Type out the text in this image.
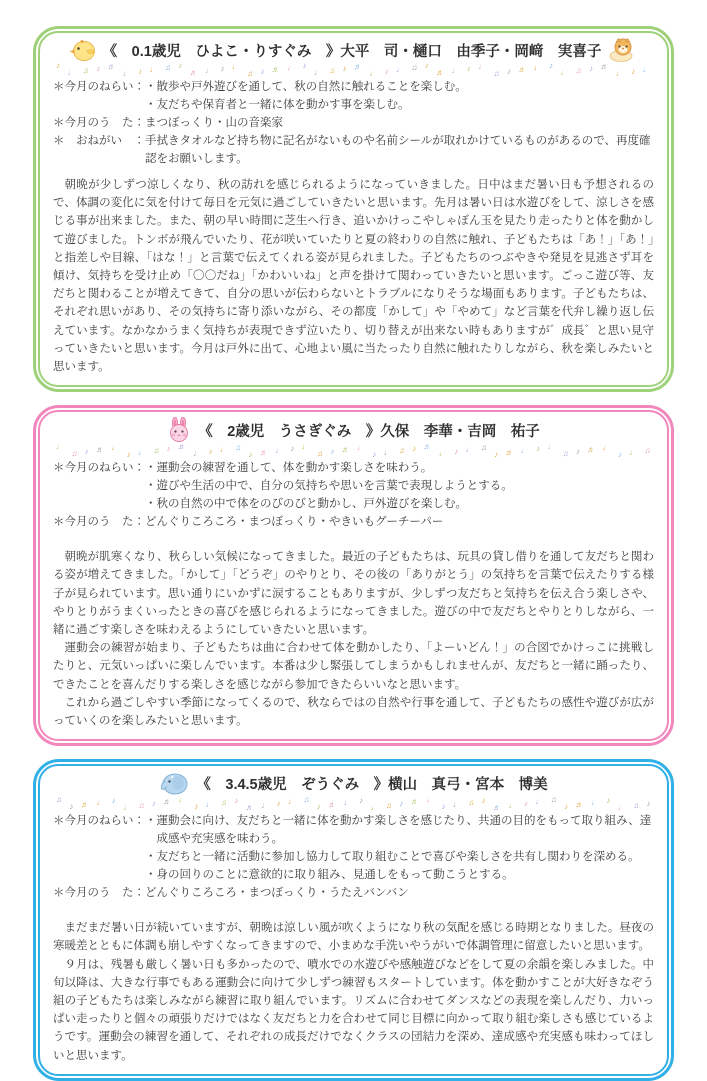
《　0.1歳児　ひよこ・りすぐみ　》大平　司・樋口　由季子・岡﨑　実喜子
♪
♩ ♫ ♪ ♬
♩ ♪ ♩ ♫ ♪
♬ ♩ ♪ ♩
♫ ♪ ♬ ♩ ♪
♩ ♫ ♪ ♬
♩ ♪ ♩ ♫ ♪
♬ ♩ ♪ ♩
♫ ♪ ♬ ♩ ♪
♩ ♫ ♪ ♬
♩ ♪ ♩
＊今月のねらい： ・散歩や戸外遊びを通して、秋の自然に触れることを楽しむ。
・友だちや保育者と一緒に体を動かす事を楽しむ。
＊今月のう　た： まつぼっくり・山の音楽家
＊　おねがい　： 手拭きタオルなど持ち物に記名がないものや名前シールが取れかけているものがあるので、再度確認をお願いします。

朝晩が少しずつ涼しくなり、秋の訪れを感じられるようになっていきました。日中はまだ暑い日も予想されるので、体調の変化に気を付けて毎日を元気に過ごしていきたいと思います。先月は暑い日は水遊びをして、涼しさを感じる事が出来ました。また、朝の早い時間に芝生へ行き、追いかけっこやしゃぼん玉を見たり走ったりと体を動かして遊びました。トンボが飛んでいたり、花が咲いていたりと夏の終わりの自然に触れ、子どもたちは「あ！」「あ！」と指差しや目線、「はな！」と言葉で伝えてくれる姿が見られました。子どもたちのつぶやきや発見を見逃さず耳を傾け、気持ちを受け止め「〇〇だね」「かわいいね」と声を掛けて関わっていきたいと思います。ごっこ遊び等、友だちと関わることが増えてきて、自分の思いが伝わらないとトラブルになりそうな場面もあります。子どもたちは、それぞれ思いがあり、その気持ちに寄り添いながら、その都度「かして」や「やめて」など言葉を代弁し繰り返し伝えています。なかなかうまく気持ちが表現できず泣いたり、切り替えが出来ない時もありますが゛成長゛と思い見守っていきたいと思います。今月は戸外に出て、心地よい風に当たったり自然に触れたりしながら、秋を楽しみたいと思います。

《　2歳児　うさぎぐみ　》久保　李華・吉岡　祐子
♩
♫ ♪ ♬ ♩
♪ ♩ ♫ ♪ ♬
♩ ♪ ♩ ♫
♪ ♬ ♩ ♪ ♩
♫ ♪ ♬ ♩
♪ ♩ ♫ ♪ ♬
♩ ♪ ♩ ♫
♪ ♬ ♩ ♪ ♩
♫ ♪ ♬ ♩
♪ ♩ ♫
＊今月のねらい： ・運動会の練習を通して、体を動かす楽しさを味わう。
・遊びや生活の中で、自分の気持ちや思いを言葉で表現しようとする。
・秋の自然の中で体をのびのびと動かし、戸外遊びを楽しむ。
＊今月のう　た： どんぐりころころ・まつぼっくり・やきいもグーチーパー

朝晩が肌寒くなり、秋らしい気候になってきました。最近の子どもたちは、玩具の貸し借りを通して友だちと関わる姿が増えてきました。「かして」「どうぞ」のやりとり、その後の「ありがとう」の気持ちを言葉で伝えたりする様子が見られています。思い通りにいかずに涙することもありますが、少しずつ友だちと気持ちを伝え合う楽しさや、やりとりがうまくいったときの喜びを感じられるようになってきました。遊びの中で友だちとやりとりしながら、一緒に過ごす楽しさを味わえるようにしていきたいと思います。

運動会の練習が始まり、子どもたちは曲に合わせて体を動かしたり、「よーいどん！」の合図でかけっこに挑戦したりと、元気いっぱいに楽しんでいます。本番は少し緊張してしまうかもしれませんが、友だちと一緒に踊ったり、できたことを喜んだりする楽しさを感じながら参加できたらいいなと思います。

これから過ごしやすい季節になってくるので、秋ならではの自然や行事を通して、子どもたちの感性や遊びが広がっていくのを楽しみたいと思います。

《　3.4.5歳児　ぞうぐみ　》横山　真弓・宮本　博美
♫
♪ ♬ ♩ ♪
♩ ♫ ♪ ♬ ♩
♪ ♩ ♫ ♪
♬ ♩ ♪ ♩ ♫
♪ ♬ ♩ ♪
♩ ♫ ♪ ♬ ♩
♪ ♩ ♫ ♪
♬ ♩ ♪ ♩ ♫
♪ ♬ ♩ ♪
♩ ♫ ♪
＊今月のねらい： ・運動会に向け、友だちと一緒に体を動かす楽しさを感じたり、共通の目的をもって取り組み、達成感や充実感を味わう。
・友だちと一緒に活動に参加し協力して取り組むことで喜びや楽しさを共有し関わりを深める。
・身の回りのことに意欲的に取り組み、見通しをもって動こうとする。
＊今月のう　た： どんぐりころころ・まつぼっくり・うたえバンバン

まだまだ暑い日が続いていますが、朝晩は涼しい風が吹くようになり秋の気配を感じる時期となりました。昼夜の寒暖差とともに体調も崩しやすくなってきますので、小まめな手洗いやうがいで体調管理に留意したいと思います。

９月は、残暑も厳しく暑い日も多かったので、噴水での水遊びや感触遊びなどをして夏の余韻を楽しみました。中旬以降は、大きな行事でもある運動会に向けて少しずつ練習もスタートしています。体を動かすことが大好きなぞう組の子どもたちは楽しみながら練習に取り組んでいます。リズムに合わせてダンスなどの表現を楽しんだり、力いっぱい走ったりと個々の頑張りだけではなく友だちと力を合わせて同じ目標に向かって取り組む楽しさも感じているようです。運動会の練習を通して、それぞれの成長だけでなくクラスの団結力を深め、達成感や充実感も味わってほしいと思います。
